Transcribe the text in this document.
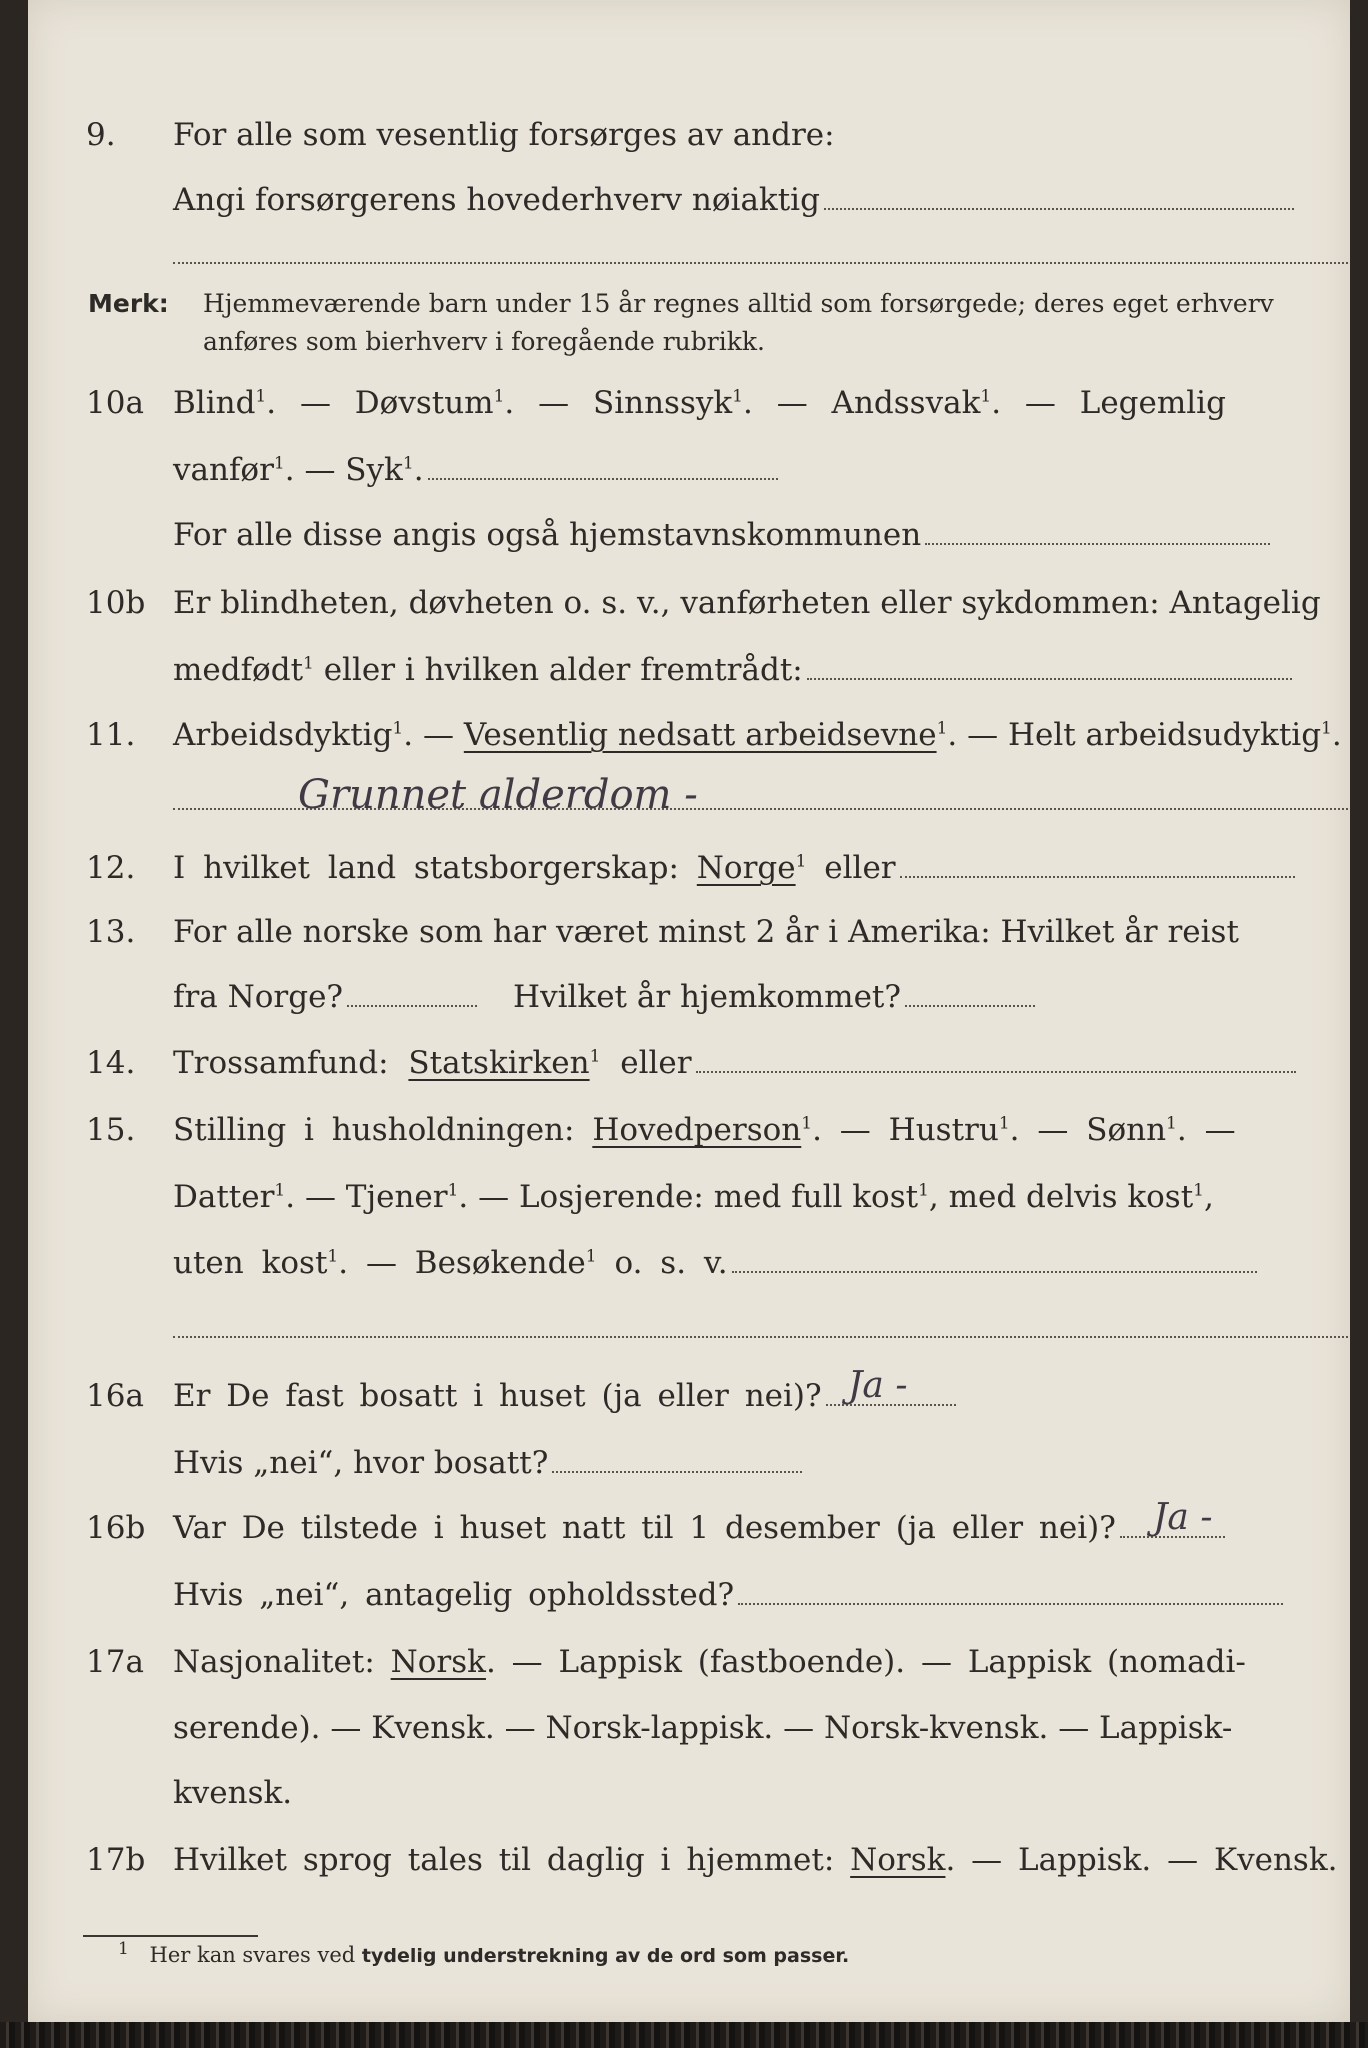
9. For alle som vesentlig forsørges av andre:
Angi forsørgerens hovederhverv nøiaktig
Merk: Hjemmeværende barn under 15 år regnes alltid som forsørgede; deres eget erhverv
anføres som bierhverv i foregående rubrikk.
10a Blind$^1$. — Døvstum$^1$. — Sinnssyk$^1$. — Andssvak$^1$. — Legemlig
vanfør$^1$. — Syk$^1$.
For alle disse angis også hjemstavnskommunen
10b Er blindheten, døvheten o. s. v., vanførheten eller sykdommen: Antagelig
medfødt$^1$ eller i hvilken alder fremtrådt:
11. Arbeidsdyktig$^1$. — Vesentlig nedsatt arbeidsevne$^1$. — Helt arbeidsudyktig$^1$.
Grunnet alderdom -
12. I hvilket land statsborgerskap: Norge$^1$ eller
13. For alle norske som har været minst 2 år i Amerika: Hvilket år reist
fra Norge?	Hvilket år hjemkommet?
14. Trossamfund: Statskirken$^1$ eller
15. Stilling i husholdningen: Hovedperson$^1$. — Hustru$^1$. — Sønn$^1$. —
Datter$^1$. — Tjener$^1$. — Losjerende: med full kost$^1$, med delvis kost$^1$,
uten kost$^1$. — Besøkende$^1$ o. s. v.
16a Er De fast bosatt i huset (ja eller nei)? Ja -
Hvis „nei“, hvor bosatt?
16b Var De tilstede i huset natt til 1 desember (ja eller nei)?	Ja -
Hvis „nei“, antagelig opholdssted?
17a Nasjonalitet: Norsk. — Lappisk (fastboende). — Lappisk (nomadi-
serende). — Kvensk. — Norsk-lappisk. — Norsk-kvensk. — Lappisk-
kvensk.
17b Hvilket sprog tales til daglig i hjemmet: Norsk. — Lappisk. — Kvensk.
$^1$ Her kan svares ved tydelig understrekning av de ord som passer.
